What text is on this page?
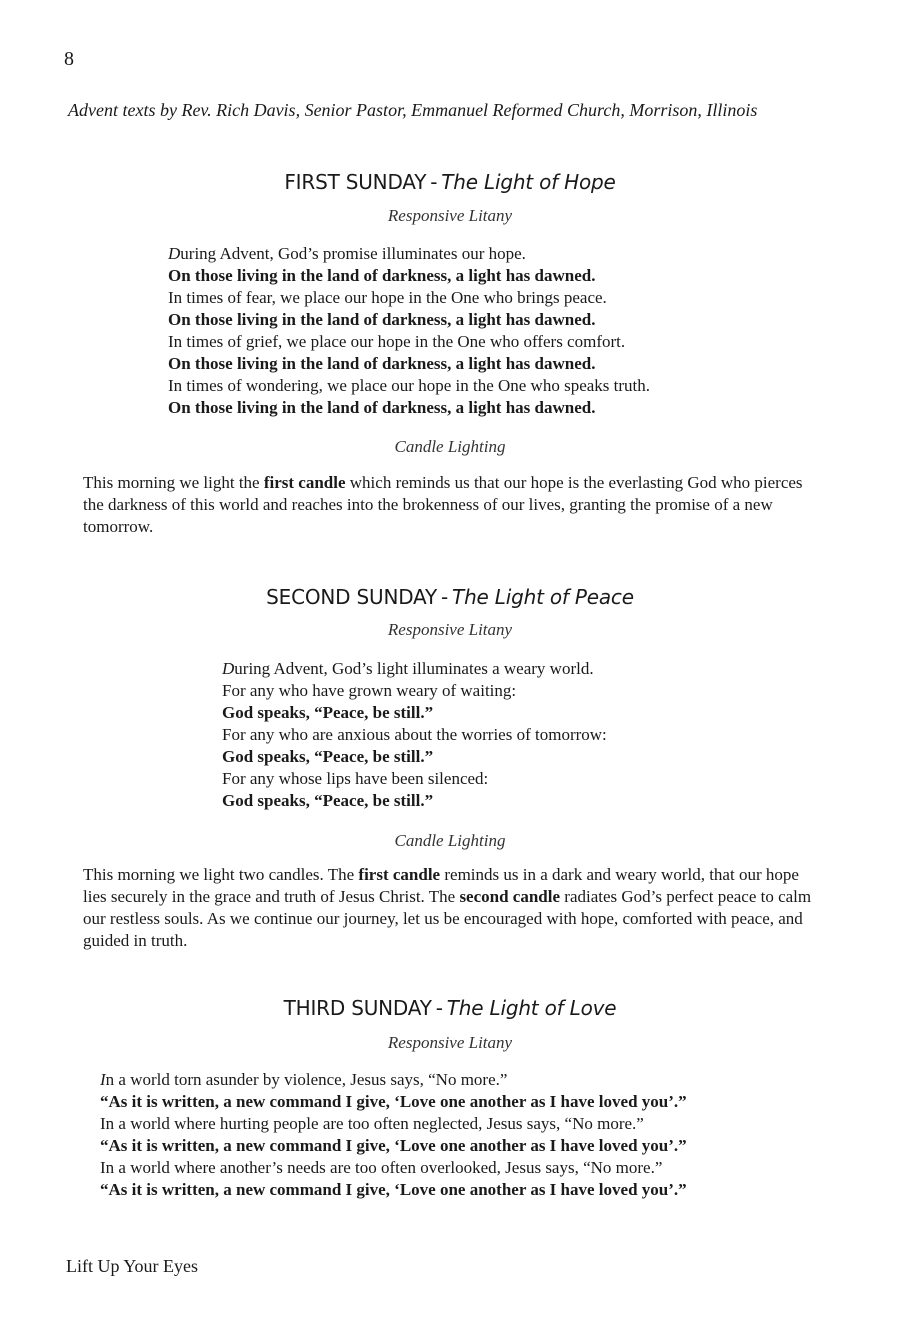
8
Advent texts by Rev. Rich Davis, Senior Pastor, Emmanuel Reformed Church, Morrison, Illinois
FIRST SUNDAY - The Light of Hope
Responsive Litany
During Advent, God’s promise illuminates our hope.
On those living in the land of darkness, a light has dawned.
In times of fear, we place our hope in the One who brings peace.
On those living in the land of darkness, a light has dawned.
In times of grief, we place our hope in the One who offers comfort.
On those living in the land of darkness, a light has dawned.
In times of wondering, we place our hope in the One who speaks truth.
On those living in the land of darkness, a light has dawned.
Candle Lighting
This morning we light the first candle which reminds us that our hope is the everlasting God who pierces the darkness of this world and reaches into the brokenness of our lives, granting the promise of a new tomorrow.
SECOND SUNDAY - The Light of Peace
Responsive Litany
During Advent, God’s light illuminates a weary world.
For any who have grown weary of waiting:
God speaks, “Peace, be still.”
For any who are anxious about the worries of tomorrow:
God speaks, “Peace, be still.”
For any whose lips have been silenced:
God speaks, “Peace, be still.”
Candle Lighting
This morning we light two candles. The first candle reminds us in a dark and weary world, that our hope lies securely in the grace and truth of Jesus Christ. The second candle radiates God’s perfect peace to calm our restless souls. As we continue our journey, let us be encouraged with hope, comforted with peace, and guided in truth.
THIRD SUNDAY - The Light of Love
Responsive Litany
In a world torn asunder by violence, Jesus says, “No more.”
“As it is written, a new command I give, ‘Love one another as I have loved you’.”
In a world where hurting people are too often neglected, Jesus says, “No more.”
“As it is written, a new command I give, ‘Love one another as I have loved you’.”
In a world where another’s needs are too often overlooked, Jesus says, “No more.”
“As it is written, a new command I give, ‘Love one another as I have loved you’.”
Lift Up Your Eyes
